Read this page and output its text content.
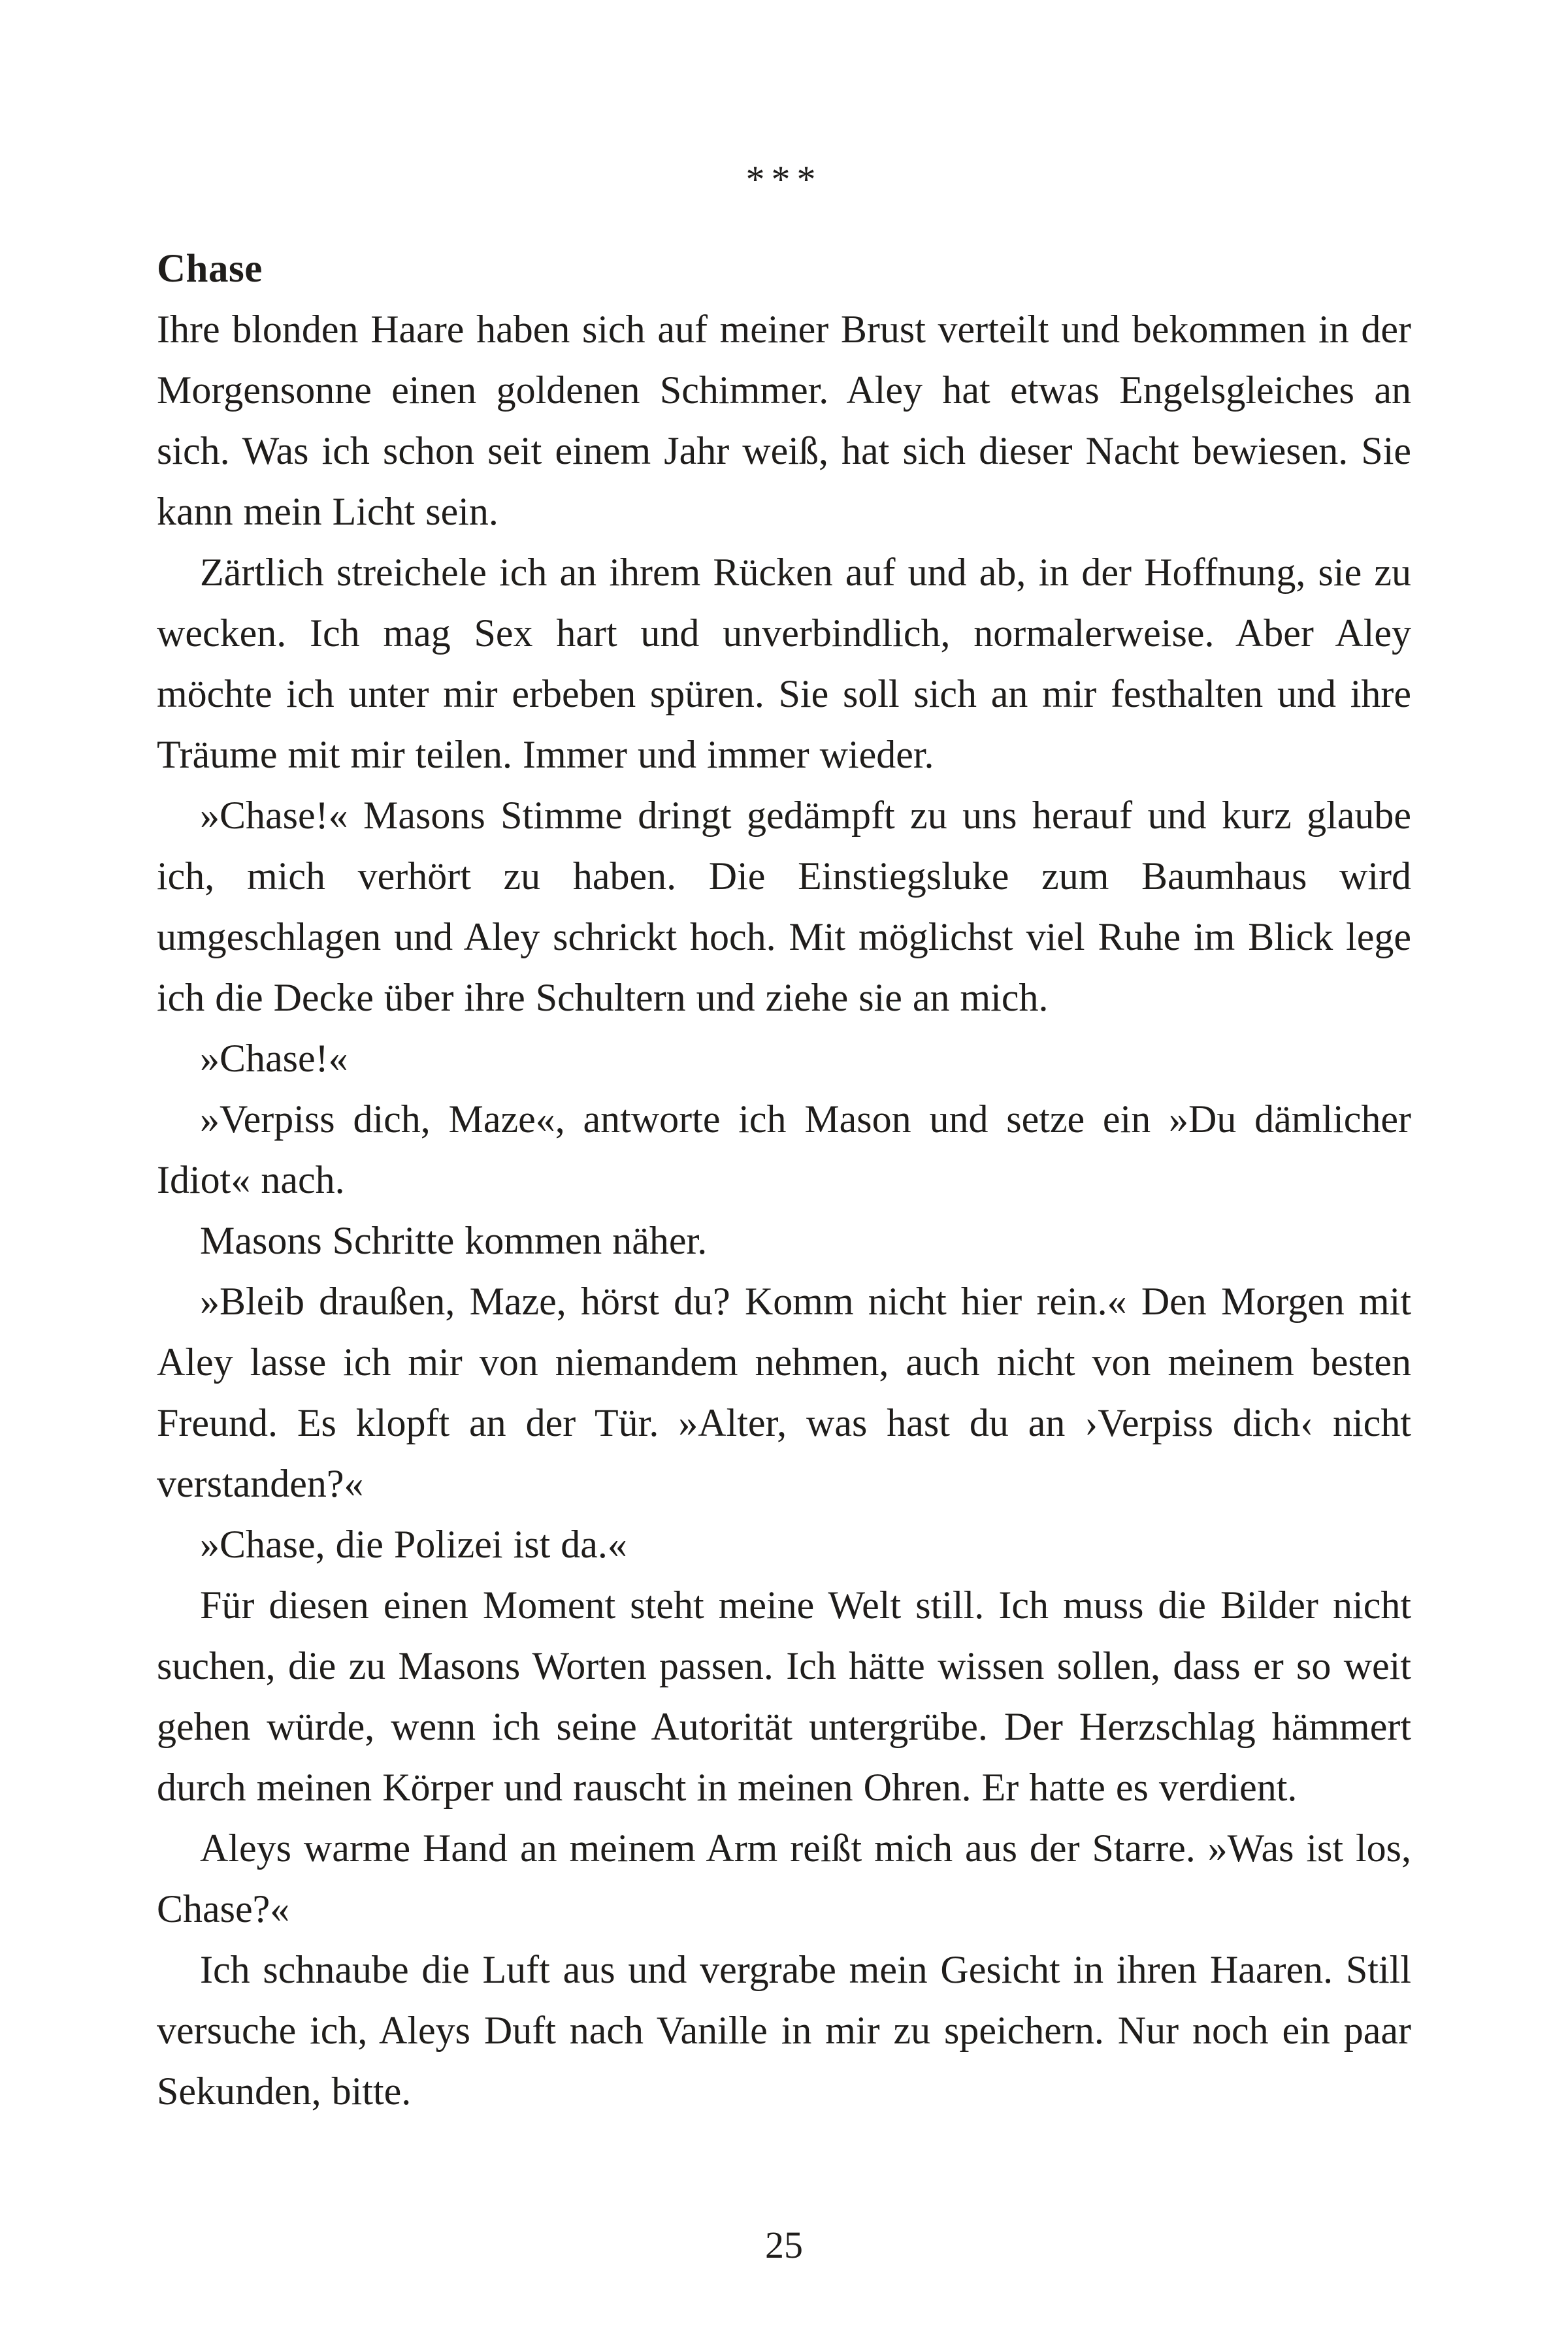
***
Chase

Ihre blonden Haare haben sich auf meiner Brust verteilt und bekommen in der Morgensonne einen goldenen Schimmer. Aley hat etwas Engelsgleiches an sich. Was ich schon seit einem Jahr weiß, hat sich dieser Nacht bewiesen. Sie kann mein Licht sein.

Zärtlich streichele ich an ihrem Rücken auf und ab, in der Hoffnung, sie zu wecken. Ich mag Sex hart und unverbindlich, normalerweise. Aber Aley möchte ich unter mir erbeben spüren. Sie soll sich an mir festhalten und ihre Träume mit mir teilen. Immer und immer wieder.

»Chase!« Masons Stimme dringt gedämpft zu uns herauf und kurz glaube ich, mich verhört zu haben. Die Einstiegsluke zum Baumhaus wird umgeschlagen und Aley schrickt hoch. Mit möglichst viel Ruhe im Blick lege ich die Decke über ihre Schultern und ziehe sie an mich.

»Chase!«

»Verpiss dich, Maze«, antworte ich Mason und setze ein »Du dämlicher Idiot« nach.

Masons Schritte kommen näher.

»Bleib draußen, Maze, hörst du? Komm nicht hier rein.« Den Morgen mit Aley lasse ich mir von niemandem nehmen, auch nicht von meinem besten Freund. Es klopft an der Tür. »Alter, was hast du an ›Verpiss dich‹ nicht verstanden?«

»Chase, die Polizei ist da.«

Für diesen einen Moment steht meine Welt still. Ich muss die Bilder nicht suchen, die zu Masons Worten passen. Ich hätte wissen sollen, dass er so weit gehen würde, wenn ich seine Autorität untergrübe. Der Herzschlag hämmert durch meinen Körper und rauscht in meinen Ohren. Er hatte es verdient.

Aleys warme Hand an meinem Arm reißt mich aus der Starre. »Was ist los, Chase?«

Ich schnaube die Luft aus und vergrabe mein Gesicht in ihren Haaren. Still versuche ich, Aleys Duft nach Vanille in mir zu speichern. Nur noch ein paar Sekunden, bitte.

25
